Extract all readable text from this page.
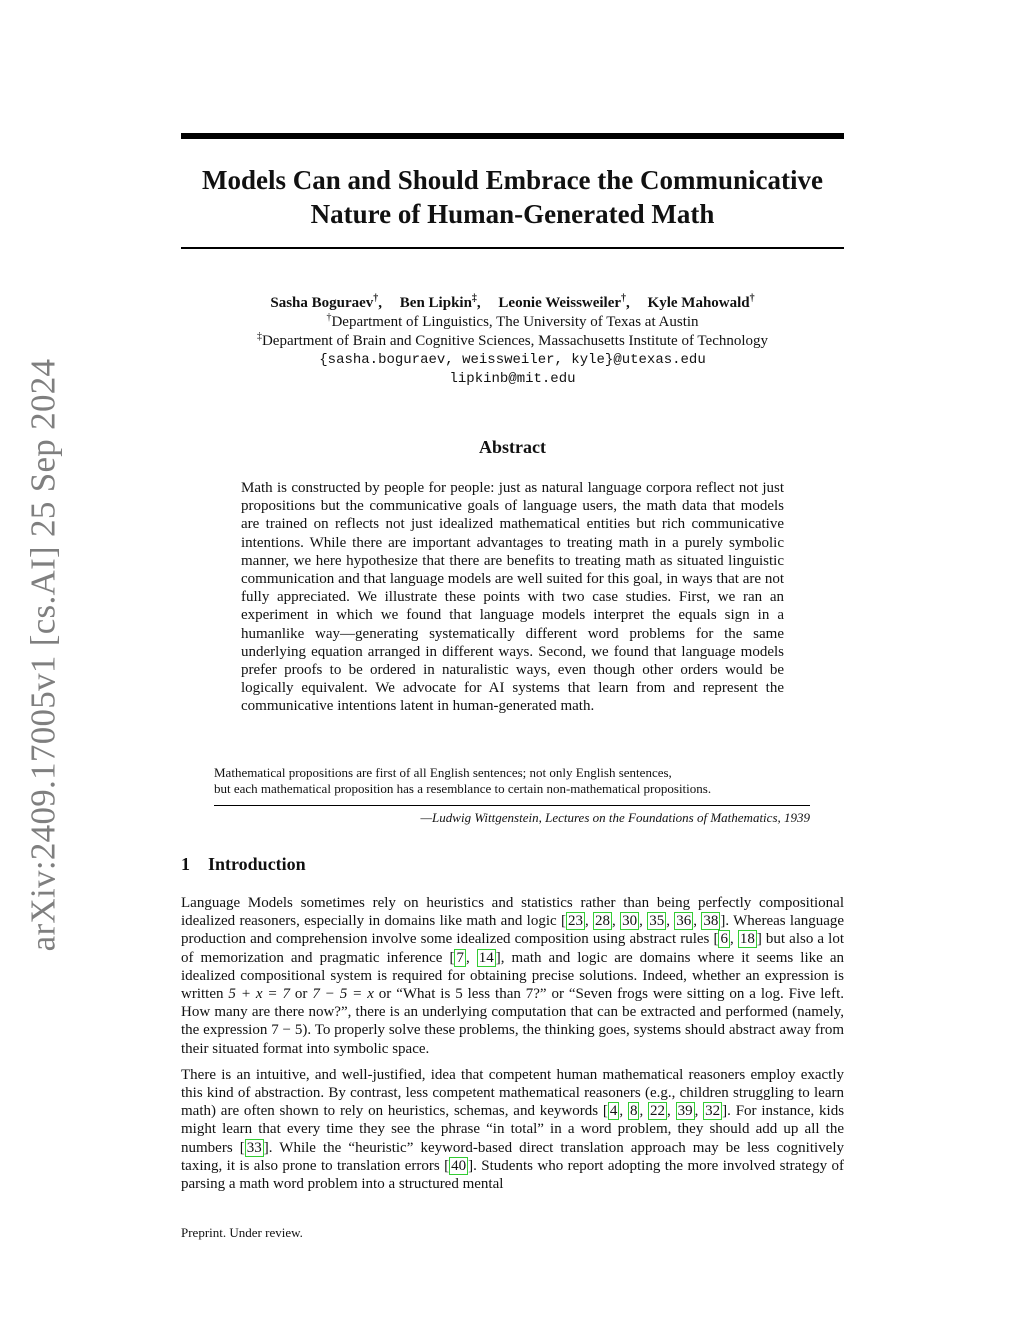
arXiv:2409.17005v1 [cs.AI] 25 Sep 2024
Models Can and Should Embrace the Communicative
Nature of Human-Generated Math
Sasha Boguraev†, Ben Lipkin‡, Leonie Weissweiler†, Kyle Mahowald†
†Department of Linguistics, The University of Texas at Austin
‡Department of Brain and Cognitive Sciences, Massachusetts Institute of Technology
{sasha.boguraev, weissweiler, kyle}@utexas.edu
lipkinb@mit.edu
Abstract
Math is constructed by people for people: just as natural language corpora reflect not just propositions but the communicative goals of language users, the math data that models are trained on reflects not just idealized mathematical entities but rich communicative intentions. While there are important advantages to treating math in a purely symbolic manner, we here hypothesize that there are benefits to treating math as situated linguistic communication and that language models are well suited for this goal, in ways that are not fully appreciated. We illustrate these points with two case studies. First, we ran an experiment in which we found that language models interpret the equals sign in a humanlike way—generating systematically different word problems for the same underlying equation arranged in different ways. Second, we found that language models prefer proofs to be ordered in naturalistic ways, even though other orders would be logically equivalent. We advocate for AI systems that learn from and represent the communicative intentions latent in human-generated math.
Mathematical propositions are first of all English sentences; not only English sentences,
but each mathematical proposition has a resemblance to certain non-mathematical propositions.
—Ludwig Wittgenstein, Lectures on the Foundations of Mathematics, 1939
1 Introduction

Language Models sometimes rely on heuristics and statistics rather than being perfectly compositional idealized reasoners, especially in domains like math and logic [ 23 , 28 , 30 , 35 , 36 , 38 ]. Whereas language production and comprehension involve some idealized composition using abstract rules [ 6 , 18 ] but also a lot of memorization and pragmatic inference [ 7 , 14 ], math and logic are domains where it seems like an idealized compositional system is required for obtaining precise solutions. Indeed, whether an expression is written 5 + x = 7 or 7 − 5 = x or “What is 5 less than 7?” or “Seven frogs were sitting on a log. Five left. How many are there now?”, there is an underlying computation that can be extracted and performed (namely, the expression 7 − 5). To properly solve these problems, the thinking goes, systems should abstract away from their situated format into symbolic space.

There is an intuitive, and well-justified, idea that competent human mathematical reasoners employ exactly this kind of abstraction. By contrast, less competent mathematical reasoners (e.g., children struggling to learn math) are often shown to rely on heuristics, schemas, and keywords [ 4 , 8 , 22 , 39 , 32 ]. For instance, kids might learn that every time they see the phrase “in total” in a word problem, they should add up all the numbers [ 33 ]. While the “heuristic” keyword-based direct translation approach may be less cognitively taxing, it is also prone to translation errors [ 40 ]. Students who report adopting the more involved strategy of parsing a math word problem into a structured mental

Preprint. Under review.
